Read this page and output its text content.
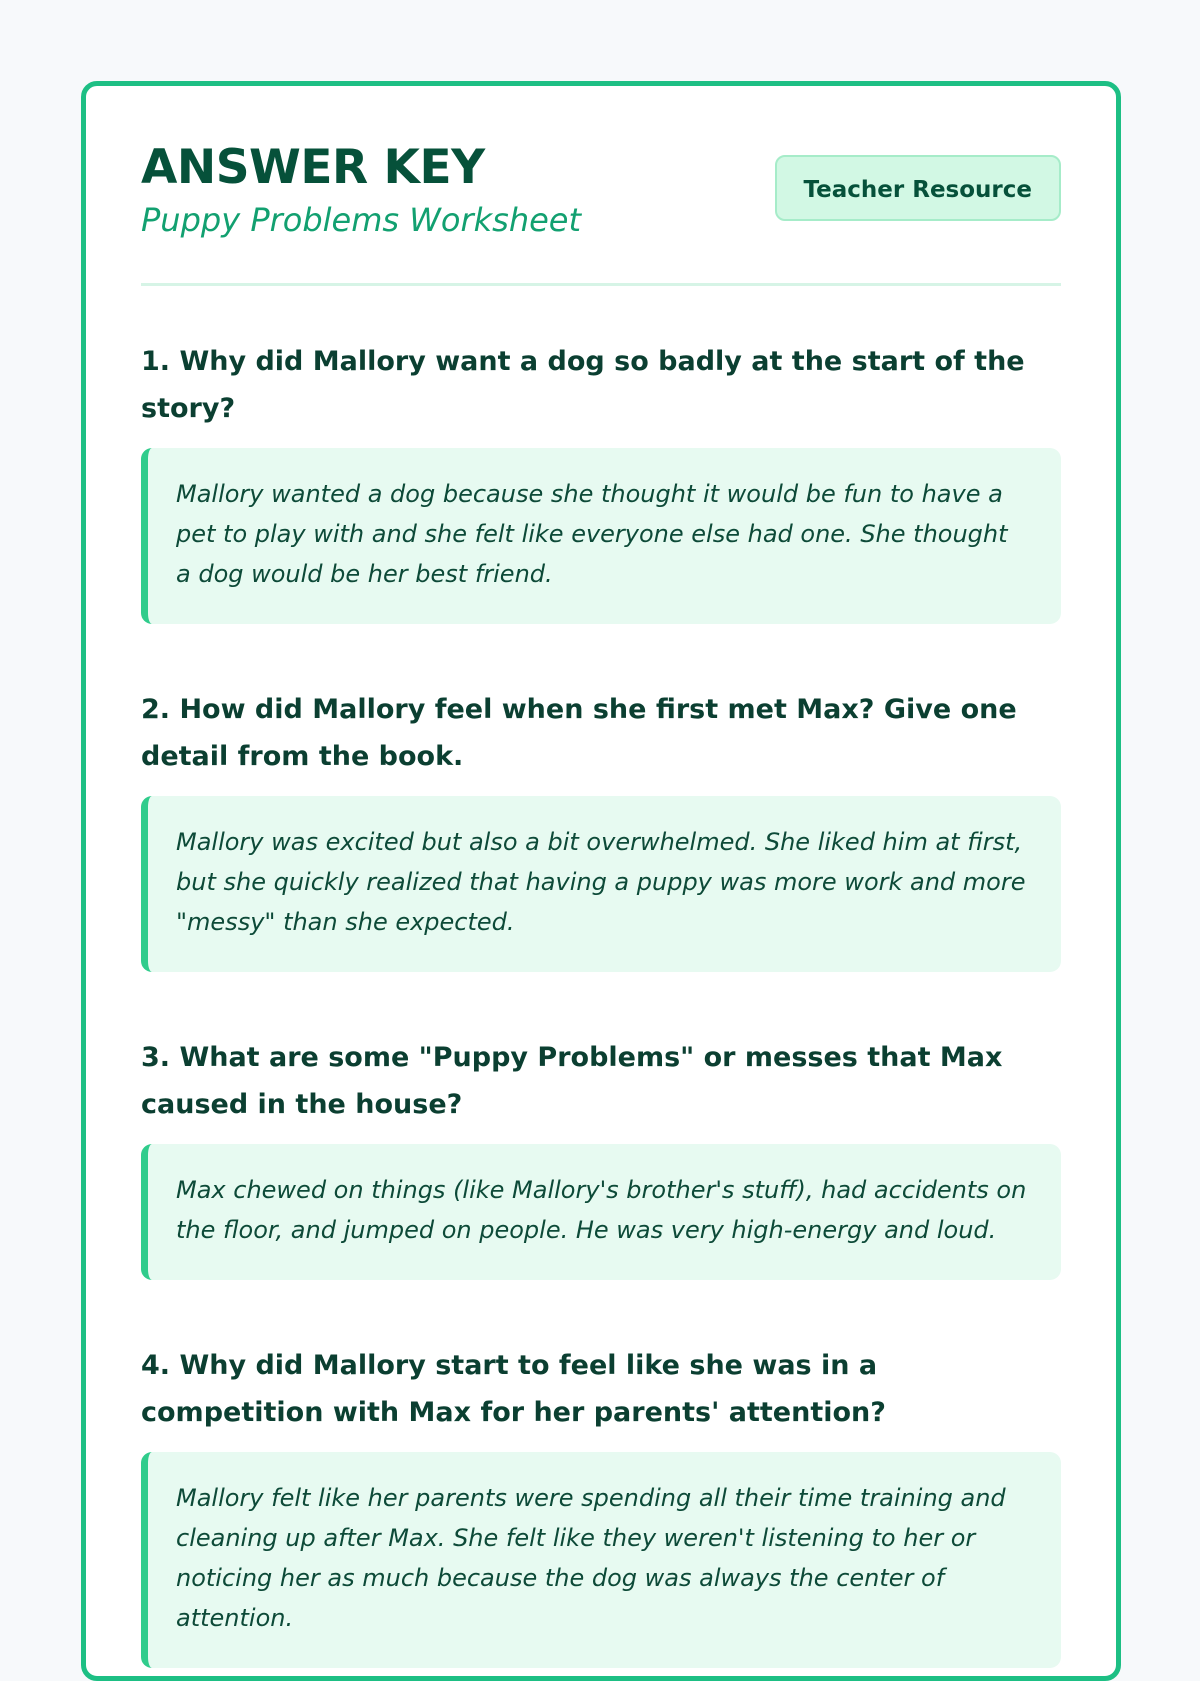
ANSWER KEY

Puppy Problems Worksheet

Teacher Resource

1. Why did Mallory want a dog so badly at the start of the story?

Mallory wanted a dog because she thought it would be fun to have a pet to play with and she felt like everyone else had one. She thought a dog would be her best friend.

2. How did Mallory feel when she first met Max? Give one detail from the book.

Mallory was excited but also a bit overwhelmed. She liked him at first, but she quickly realized that having a puppy was more work and more "messy" than she expected.

3. What are some "Puppy Problems" or messes that Max caused in the house?

Max chewed on things (like Mallory's brother's stuff), had accidents on the floor, and jumped on people. He was very high-energy and loud.

4. Why did Mallory start to feel like she was in a competition with Max for her parents' attention?

Mallory felt like her parents were spending all their time training and cleaning up after Max. She felt like they weren't listening to her or noticing her as much because the dog was always the center of attention.
